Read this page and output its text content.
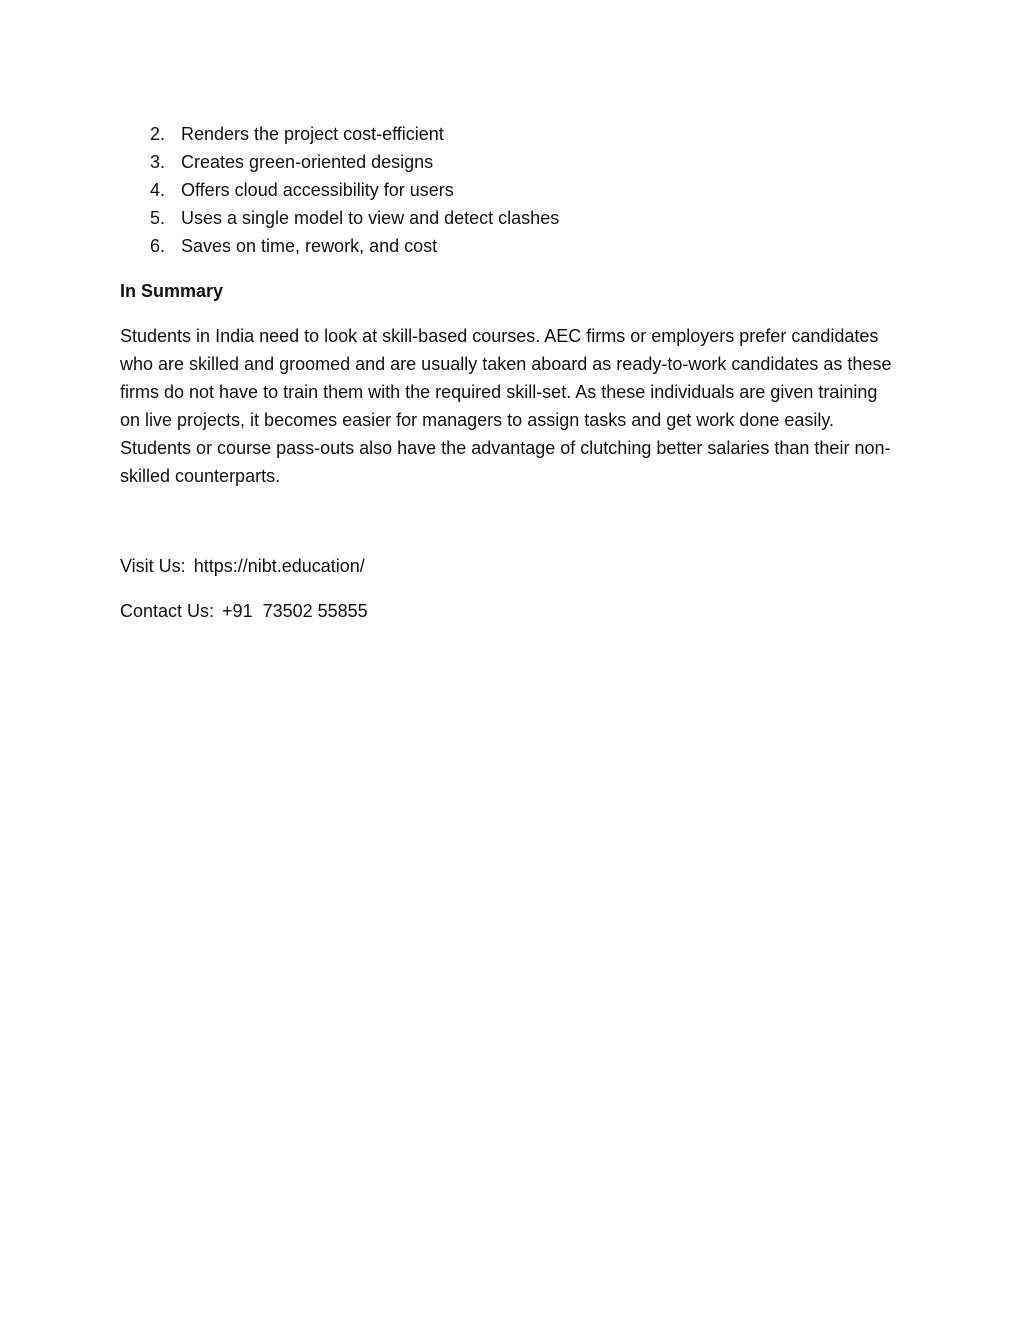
2. Renders the project cost-efficient
3. Creates green-oriented designs
4. Offers cloud accessibility for users
5. Uses a single model to view and detect clashes
6. Saves on time, rework, and cost
In Summary

Students in India need to look at skill-based courses. AEC firms or employers prefer candidates who are skilled and groomed and are usually taken aboard as ready-to-work candidates as these firms do not have to train them with the required skill-set. As these individuals are given training on live projects, it becomes easier for managers to assign tasks and get work done easily. Students or course pass-outs also have the advantage of clutching better salaries than their non-skilled counterparts.

Visit Us: https://nibt.education/

Contact Us: +91  73502 55855
